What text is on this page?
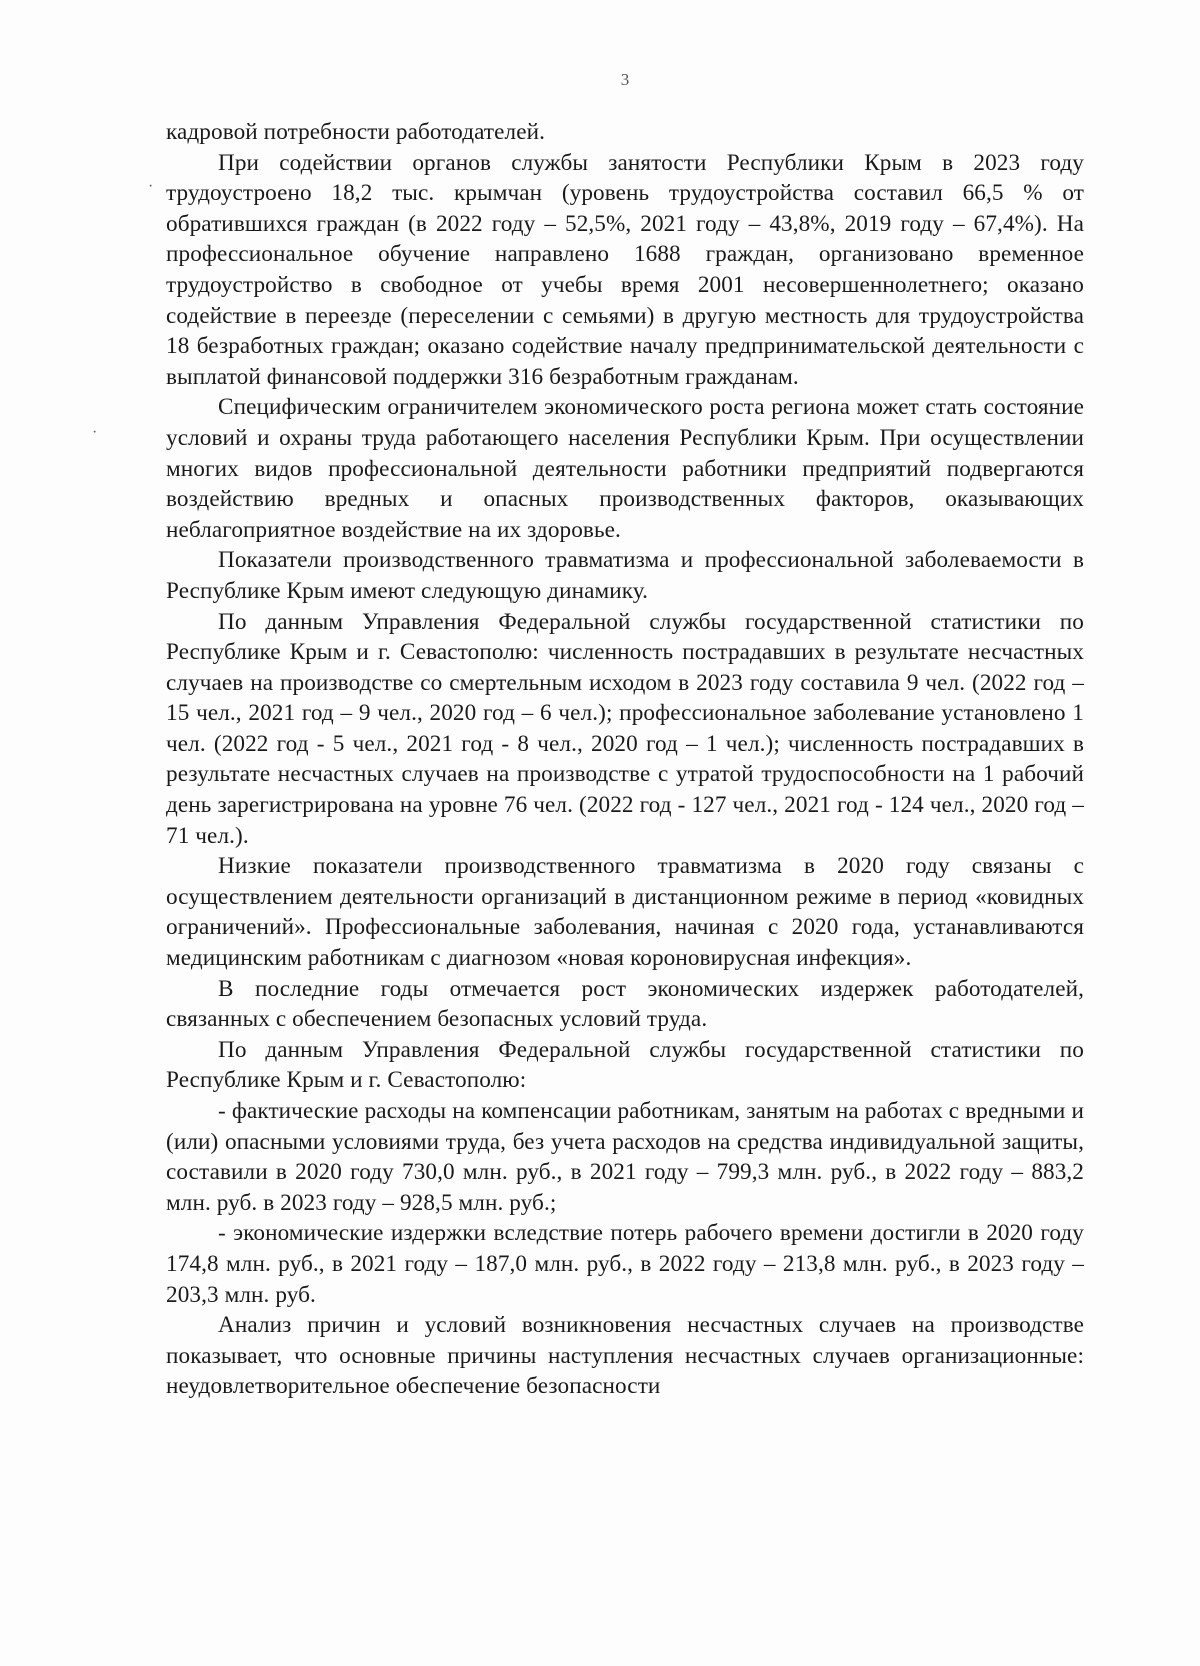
3
·
·

кадровой потребности работодателей.

При содействии органов службы занятости Республики Крым в 2023 году трудоустроено 18,2 тыс. крымчан (уровень трудоустройства составил 66,5 % от обратившихся граждан (в 2022 году – 52,5%, 2021 году – 43,8%, 2019 году – 67,4%). На профессиональное обучение направлено 1688 граждан, организовано временное трудоустройство в свободное от учебы время 2001 несовершеннолетнего; оказано содействие в переезде (переселении с семьями) в другую местность для трудоустройства 18 безработных граждан; оказано содействие началу предпринимательской деятельности с выплатой финансовой поддержки 316 безработным гражданам.

Специфическим ограничителем экономического роста региона может стать состояние условий и охраны труда работающего населения Республики Крым. При осуществлении многих видов профессиональной деятельности работники предприятий подвергаются воздействию вредных и опасных производственных факторов, оказывающих неблагоприятное воздействие на их здоровье.

Показатели производственного травматизма и профессиональной заболеваемости в Республике Крым имеют следующую динамику.

По данным Управления Федеральной службы государственной статистики по Республике Крым и г. Севастополю: численность пострадавших в результате несчастных случаев на производстве со смертельным исходом в 2023 году составила 9 чел. (2022 год – 15 чел., 2021 год – 9 чел., 2020 год – 6 чел.); профессиональное заболевание установлено 1 чел. (2022 год - 5 чел., 2021 год - 8 чел., 2020 год – 1 чел.); численность пострадавших в результате несчастных случаев на производстве с утратой трудоспособности на 1 рабочий день зарегистрирована на уровне 76 чел. (2022 год - 127 чел., 2021 год - 124 чел., 2020 год – 71 чел.).

Низкие показатели производственного травматизма в 2020 году связаны с осуществлением деятельности организаций в дистанционном режиме в период «ковидных ограничений». Профессиональные заболевания, начиная с 2020 года, устанавливаются медицинским работникам с диагнозом «новая короновирусная инфекция».

В последние годы отмечается рост экономических издержек работодателей, связанных с обеспечением безопасных условий труда.

По данным Управления Федеральной службы государственной статистики по Республике Крым и г. Севастополю:

- фактические расходы на компенсации работникам, занятым на работах с вредными и (или) опасными условиями труда, без учета расходов на средства индивидуальной защиты, составили в 2020 году 730,0 млн. руб., в 2021 году – 799,3 млн. руб., в 2022 году – 883,2 млн. руб. в 2023 году – 928,5 млн. руб.;

- экономические издержки вследствие потерь рабочего времени достигли в 2020 году 174,8 млн. руб., в 2021 году – 187,0 млн. руб., в 2022 году – 213,8 млн. руб., в 2023 году – 203,3 млн. руб.

Анализ причин и условий возникновения несчастных случаев на производстве показывает, что основные причины наступления несчастных случаев организационные: неудовлетворительное обеспечение безопасности
